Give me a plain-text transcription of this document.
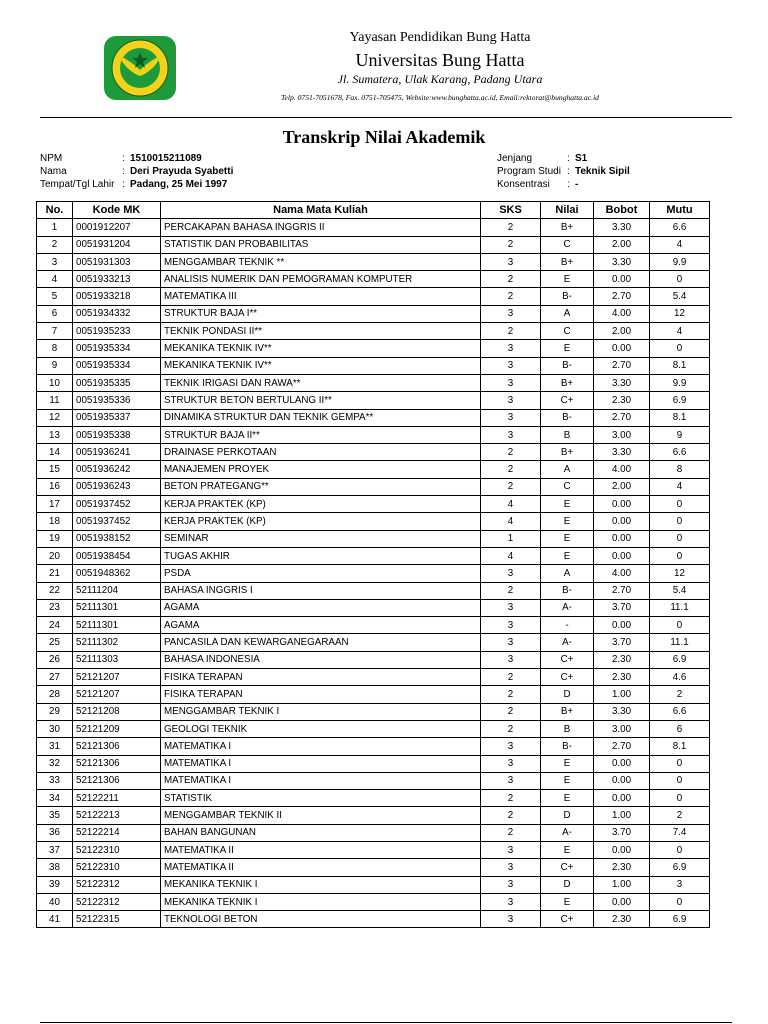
Yayasan Pendidikan Bung Hatta
Universitas Bung Hatta
Jl. Sumatera, Ulak Karang, Padang Utara
Telp. 0751-7051678, Fax. 0751-705475, Website:www.bunghatta.ac.id, Email:rektorat@bunghatta.ac.id
Transkrip Nilai Akademik
NPM	: 1510015211089
Nama	: Deri Prayuda Syabetti
Tempat/Tgl Lahir : Padang, 25 Mei 1997
Jenjang	: S1
Program Studi : Teknik Sipil
Konsentrasi	: -
No.	Kode MK	Nama Mata Kuliah	SKS	Nilai	Bobot	Mutu
1	0001912207	PERCAKAPAN BAHASA INGGRIS II	2	B+	3.30	6.6
2	0051931204	STATISTIK DAN PROBABILITAS	2	C	2.00	4
3	0051931303	MENGGAMBAR TEKNIK **	3	B+	3.30	9.9
4	0051933213	ANALISIS NUMERIK DAN PEMOGRAMAN KOMPUTER	2	E	0.00	0
5	0051933218	MATEMATIKA III	2	B-	2.70	5.4
6	0051934332	STRUKTUR BAJA I**	3	A	4.00	12
7	0051935233	TEKNIK PONDASI II**	2	C	2.00	4
8	0051935334	MEKANIKA TEKNIK IV**	3	E	0.00	0
9	0051935334	MEKANIKA TEKNIK IV**	3	B-	2.70	8.1
10	0051935335	TEKNIK IRIGASI DAN RAWA**	3	B+	3.30	9.9
11	0051935336	STRUKTUR BETON BERTULANG II**	3	C+	2.30	6.9
12	0051935337	DINAMIKA STRUKTUR DAN TEKNIK GEMPA**	3	B-	2.70	8.1
13	0051935338	STRUKTUR BAJA II**	3	B	3.00	9
14	0051936241	DRAINASE PERKOTAAN	2	B+	3.30	6.6
15	0051936242	MANAJEMEN PROYEK	2	A	4.00	8
16	0051936243	BETON PRATEGANG**	2	C	2.00	4
17	0051937452	KERJA PRAKTEK (KP)	4	E	0.00	0
18	0051937452	KERJA PRAKTEK (KP)	4	E	0.00	0
19	0051938152	SEMINAR	1	E	0.00	0
20	0051938454	TUGAS AKHIR	4	E	0.00	0
21	0051948362	PSDA	3	A	4.00	12
22	52111204	BAHASA INGGRIS I	2	B-	2.70	5.4
23	52111301	AGAMA	3	A-	3.70	11.1
24	52111301	AGAMA	3	-	0.00	0
25	52111302	PANCASILA DAN KEWARGANEGARAAN	3	A-	3.70	11.1
26	52111303	BAHASA INDONESIA	3	C+	2.30	6.9
27	52121207	FISIKA TERAPAN	2	C+	2.30	4.6
28	52121207	FISIKA TERAPAN	2	D	1.00	2
29	52121208	MENGGAMBAR TEKNIK I	2	B+	3.30	6.6
30	52121209	GEOLOGI TEKNIK	2	B	3.00	6
31	52121306	MATEMATIKA I	3	B-	2.70	8.1
32	52121306	MATEMATIKA I	3	E	0.00	0
33	52121306	MATEMATIKA I	3	E	0.00	0
34	52122211	STATISTIK	2	E	0.00	0
35	52122213	MENGGAMBAR TEKNIK II	2	D	1.00	2
36	52122214	BAHAN BANGUNAN	2	A-	3.70	7.4
37	52122310	MATEMATIKA II	3	E	0.00	0
38	52122310	MATEMATIKA II	3	C+	2.30	6.9
39	52122312	MEKANIKA TEKNIK I	3	D	1.00	3
40	52122312	MEKANIKA TEKNIK I	3	E	0.00	0
41	52122315	TEKNOLOGI BETON	3	C+	2.30	6.9
